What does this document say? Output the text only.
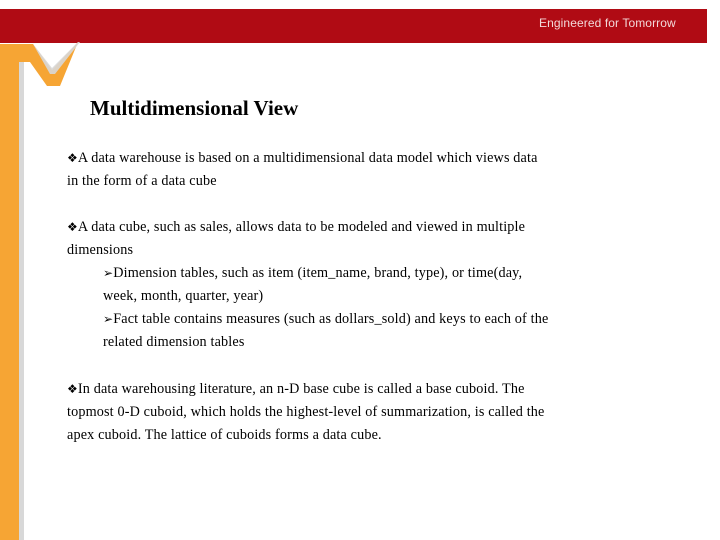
Engineered for Tomorrow
Multidimensional View
❖A data warehouse is based on a multidimensional data model which views data
in the form of a data cube
❖A data cube, such as sales, allows data to be modeled and viewed in multiple
dimensions
➢Dimension tables, such as item (item_name, brand, type), or time(day,
week, month, quarter, year)
➢Fact table contains measures (such as dollars_sold) and keys to each of the
related dimension tables
❖In data warehousing literature, an n-D base cube is called a base cuboid. The
topmost 0-D cuboid, which holds the highest-level of summarization, is called the
apex cuboid. The lattice of cuboids forms a data cube.
